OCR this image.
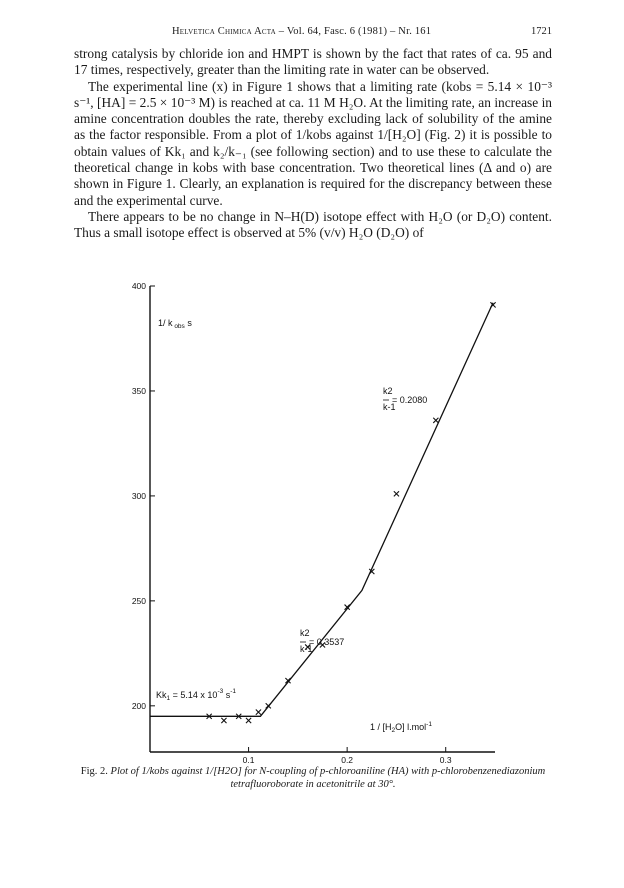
Helvetica Chimica Acta – Vol. 64, Fasc. 6 (1981) – Nr. 161	1721

strong catalysis by chloride ion and HMPT is shown by the fact that rates of ca. 95 and 17 times, respectively, greater than the limiting rate in water can be observed.

The experimental line (x) in Figure 1 shows that a limiting rate (kobs = 5.14 × 10⁻³ s⁻¹, [HA] = 2.5 × 10⁻³ M) is reached at ca. 11 M H₂O. At the limiting rate, an increase in amine concentration doubles the rate, thereby excluding lack of solubility of the amine as the factor responsible. From a plot of 1/kobs against 1/[H₂O] (Fig. 2) it is possible to obtain values of Kk₁ and k₂/k₋₁ (see following section) and to use these to calculate the theoretical change in kobs with base concentration. Two theoretical lines (Δ and o) are shown in Figure 1. Clearly, an explanation is required for the discrepancy between these and the experimental curve.

There appears to be no change in N–H(D) isotope effect with H₂O (or D₂O) content. Thus a small isotope effect is observed at 5% (v/v) H₂O (D₂O) of

200
250
300
350
400
0.1	0.2	0.3
1/ k $_{obs}$ s
$1 / [H_2O]$ l.mol$^{-1}$
k2
= 0.2080
k-1
k2
= 0.3537
k-1
$Kk_1 = 5.14$ x $10^{-3}$ $s^{-1}$
Fig. 2. Plot of 1/kobs against 1/[H2O] for N-coupling of p-chloroaniline (HA) with p-chlorobenzenediazonium tetrafluoroborate in acetonitrile at 30°.
